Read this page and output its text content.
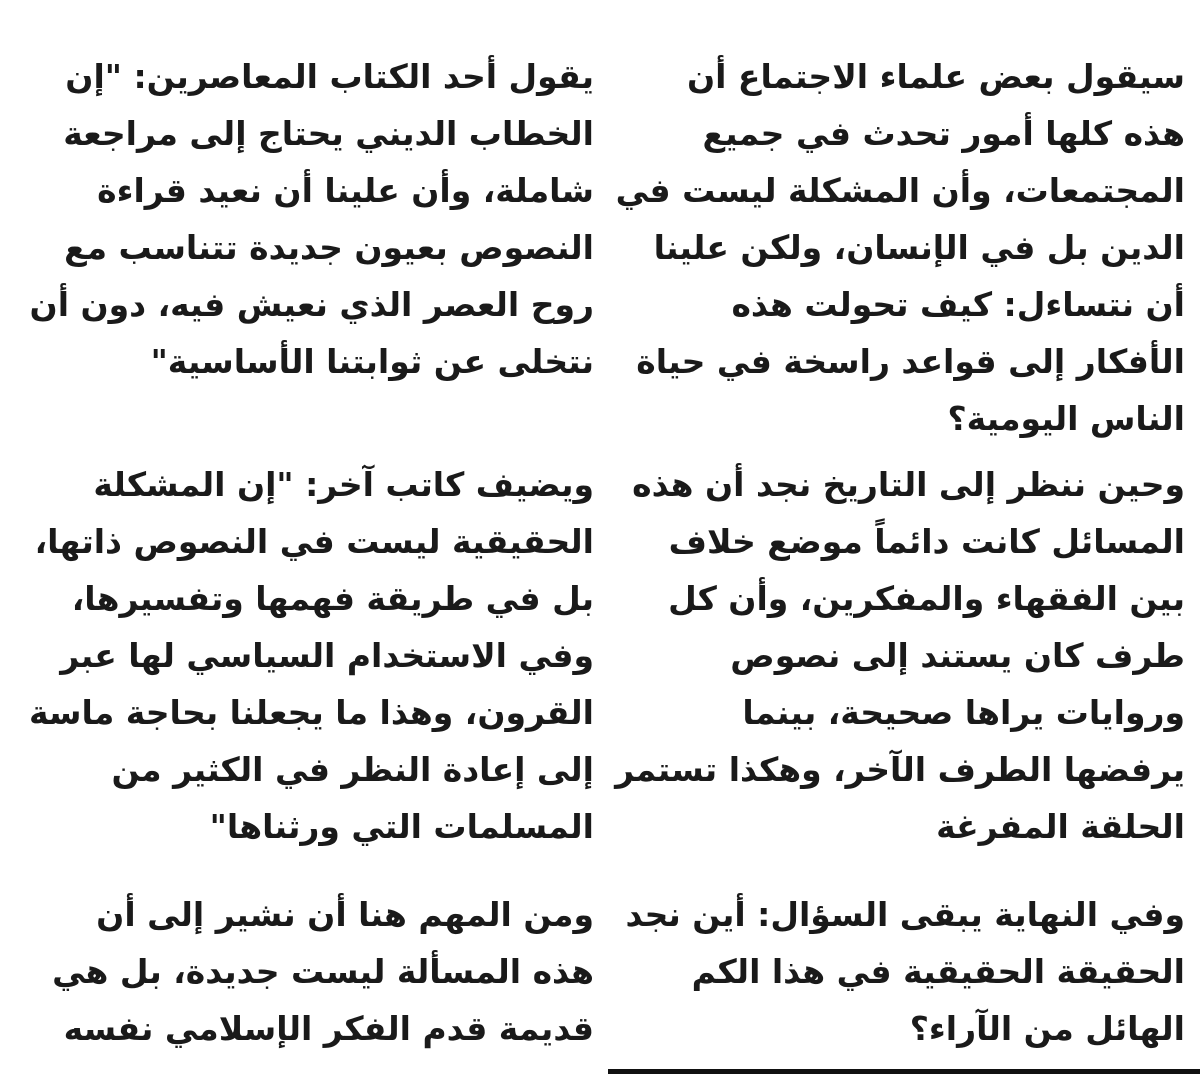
سيقول بعض علماء الاجتماع أن هذه كلها أمور تحدث في جميع المجتمعات، وأن المشكلة ليست في الدين بل في الإنسان، ولكن علينا أن نتساءل: كيف تحولت هذه الأفكار إلى قواعد راسخة في حياة الناس اليومية؟

وحين ننظر إلى التاريخ نجد أن هذه المسائل كانت دائماً موضع خلاف بين الفقهاء والمفكرين، وأن كل طرف كان يستند إلى نصوص وروايات يراها صحيحة، بينما يرفضها الطرف الآخر، وهكذا تستمر الحلقة المفرغة

وفي النهاية يبقى السؤال: أين نجد الحقيقة الحقيقية في هذا الكم الهائل من الآراء؟

يقول أحد الكتاب المعاصرين: "إن الخطاب الديني يحتاج إلى مراجعة شاملة، وأن علينا أن نعيد قراءة النصوص بعيون جديدة تتناسب مع روح العصر الذي نعيش فيه، دون أن نتخلى عن ثوابتنا الأساسية"

ويضيف كاتب آخر: "إن المشكلة الحقيقية ليست في النصوص ذاتها، بل في طريقة فهمها وتفسيرها، وفي الاستخدام السياسي لها عبر القرون، وهذا ما يجعلنا بحاجة ماسة إلى إعادة النظر في الكثير من المسلمات التي ورثناها"

ومن المهم هنا أن نشير إلى أن هذه المسألة ليست جديدة، بل هي قديمة قدم الفكر الإسلامي نفسه
